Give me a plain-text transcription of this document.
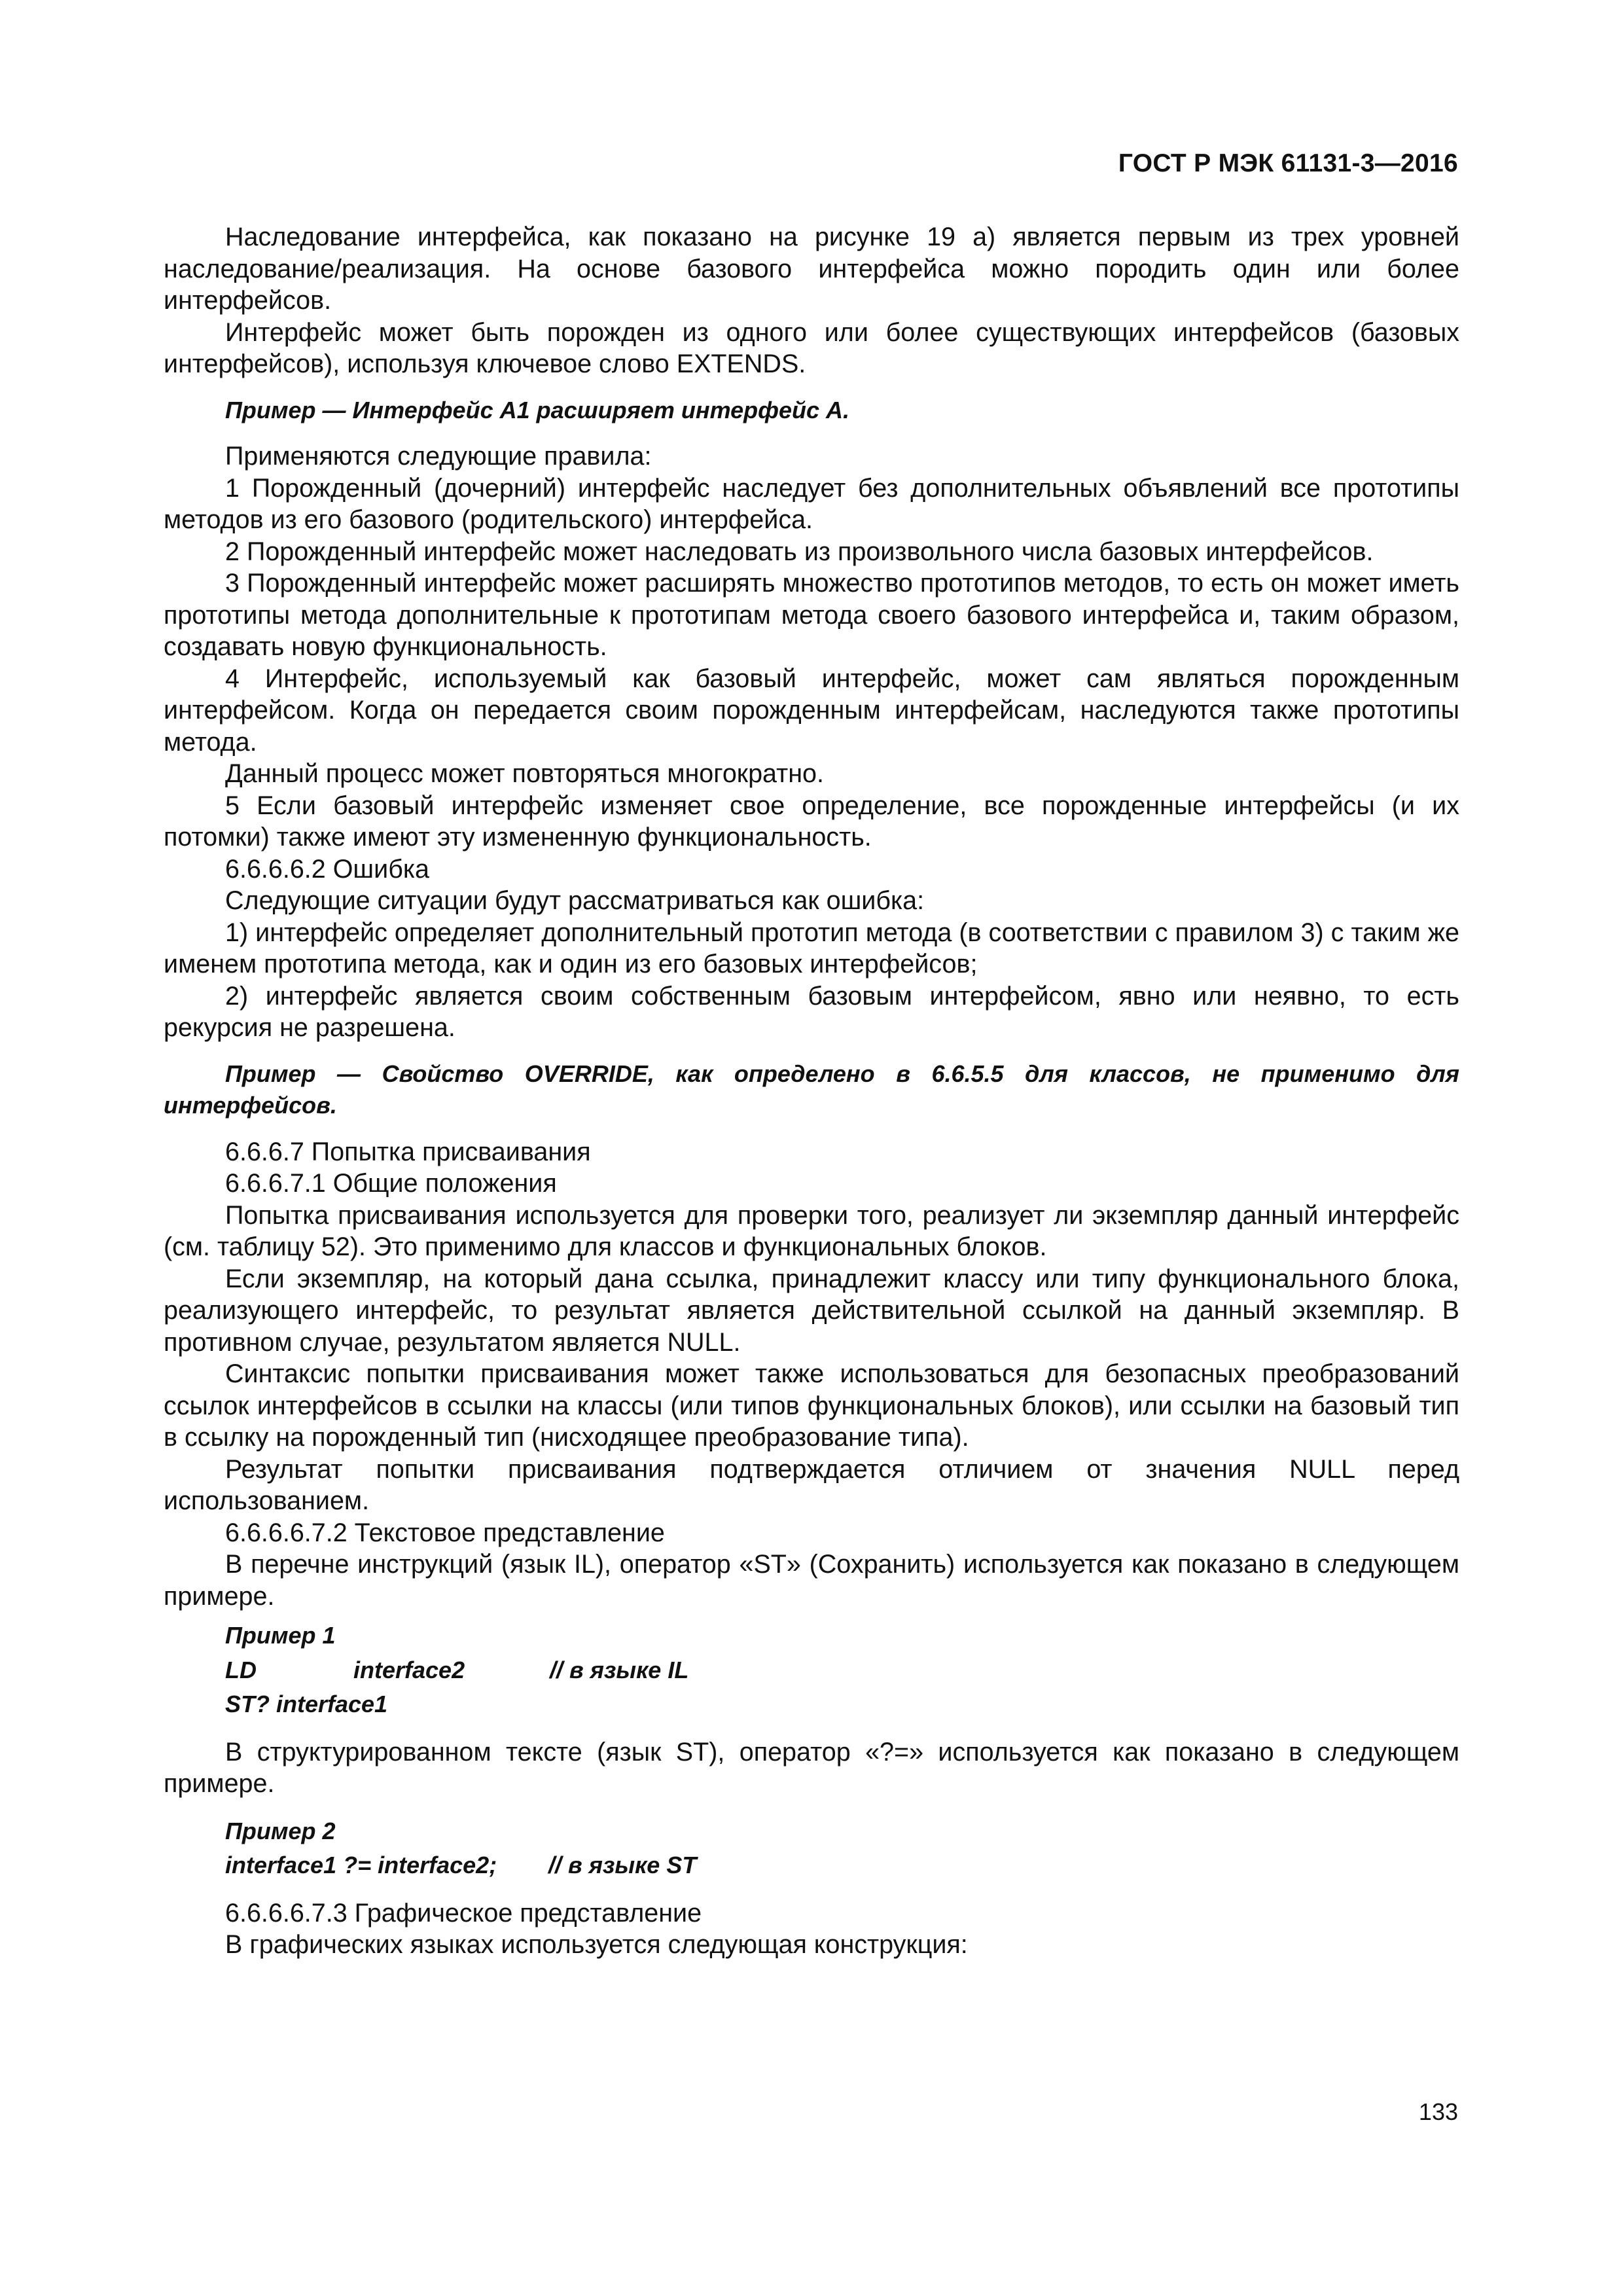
ГОСТ Р МЭК 61131-3—2016

Наследование интерфейса, как показано на рисунке 19 а) является первым из трех уровней наследование/реализация. На основе базового интерфейса можно породить один или более интерфейсов.

Интерфейс может быть порожден из одного или более существующих интерфейсов (базовых интерфейсов), используя ключевое слово EXTENDS.

Пример — Интерфейс A1 расширяет интерфейс A.

Применяются следующие правила:

1 Порожденный (дочерний) интерфейс наследует без дополнительных объявлений все прототипы методов из его базового (родительского) интерфейса.

2 Порожденный интерфейс может наследовать из произвольного числа базовых интерфейсов.

3 Порожденный интерфейс может расширять множество прототипов методов, то есть он может иметь прототипы метода дополнительные к прототипам метода своего базового интерфейса и, таким образом, создавать новую функциональность.

4 Интерфейс, используемый как базовый интерфейс, может сам являться порожденным интерфейсом. Когда он передается своим порожденным интерфейсам, наследуются также прототипы метода.

Данный процесс может повторяться многократно.

5 Если базовый интерфейс изменяет свое определение, все порожденные интерфейсы (и их потомки) также имеют эту измененную функциональность.

6.6.6.6.2 Ошибка

Следующие ситуации будут рассматриваться как ошибка:

1) интерфейс определяет дополнительный прототип метода (в соответствии с правилом 3) с таким же именем прототипа метода, как и один из его базовых интерфейсов;

2) интерфейс является своим собственным базовым интерфейсом, явно или неявно, то есть рекурсия не разрешена.

Пример — Свойство OVERRIDE, как определено в 6.6.5.5 для классов, не применимо для интерфейсов.

6.6.6.7 Попытка присваивания

6.6.6.7.1 Общие положения

Попытка присваивания используется для проверки того, реализует ли экземпляр данный интерфейс (см. таблицу 52). Это применимо для классов и функциональных блоков.

Если экземпляр, на который дана ссылка, принадлежит классу или типу функционального блока, реализующего интерфейс, то результат является действительной ссылкой на данный экземпляр. В противном случае, результатом является NULL.

Синтаксис попытки присваивания может также использоваться для безопасных преобразований ссылок интерфейсов в ссылки на классы (или типов функциональных блоков), или ссылки на базовый тип в ссылку на порожденный тип (нисходящее преобразование типа).

Результат попытки присваивания подтверждается отличием от значения NULL перед использованием.

6.6.6.6.7.2 Текстовое представление

В перечне инструкций (язык IL), оператор «ST» (Сохранить) используется как показано в следующем примере.

Пример 1

LD	interface2	// в языке IL

ST? interface1

В структурированном тексте (язык ST), оператор «?=» используется как показано в следующем примере.

Пример 2

interface1 ?= interface2; // в языке ST

6.6.6.6.7.3 Графическое представление

В графических языках используется следующая конструкция:

133
